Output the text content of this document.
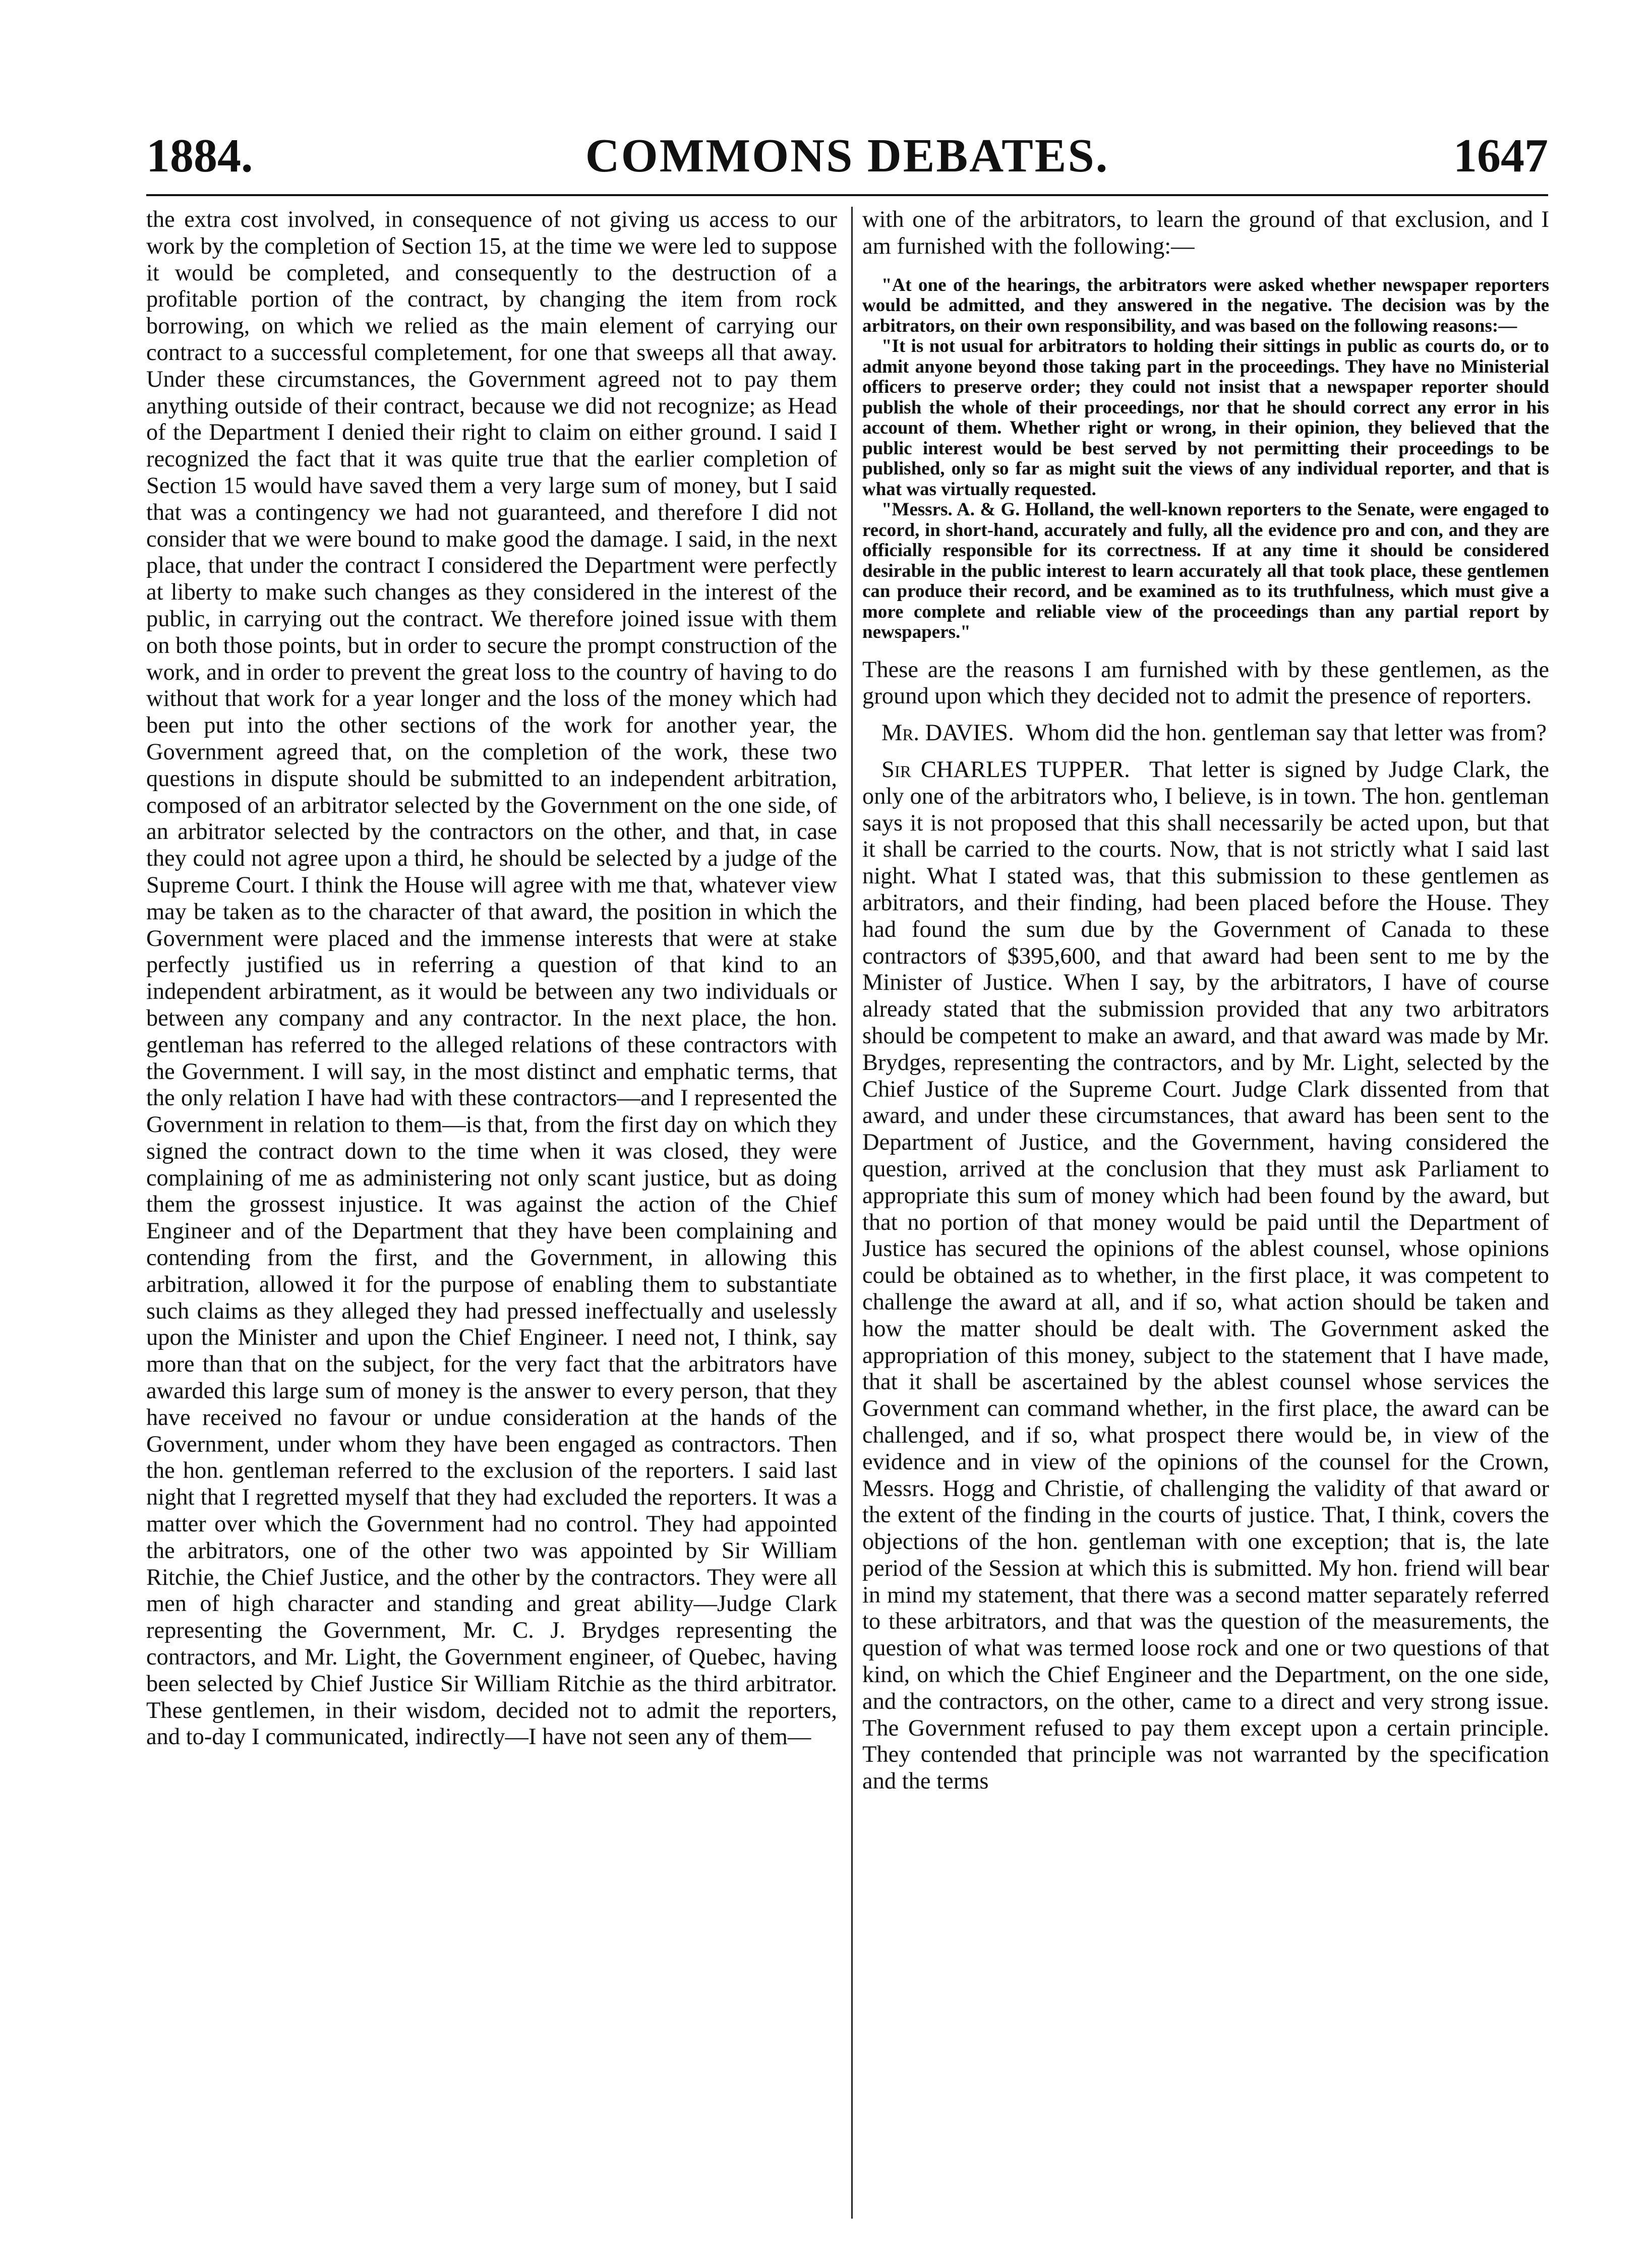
COMMONS DEBATES.
1884.	1647

the extra cost involved, in consequence of not giving us access to our work by the completion of Section 15, at the time we were led to suppose it would be completed, and consequently to the destruction of a profitable portion of the contract, by changing the item from rock borrowing, on which we relied as the main element of carrying our contract to a successful completement, for one that sweeps all that away. Under these circumstances, the Government agreed not to pay them anything outside of their contract, because we did not recognize; as Head of the Department I denied their right to claim on either ground. I said I recognized the fact that it was quite true that the earlier completion of Section 15 would have saved them a very large sum of money, but I said that was a contingency we had not guaranteed, and therefore I did not consider that we were bound to make good the damage. I said, in the next place, that under the contract I considered the Department were perfectly at liberty to make such changes as they considered in the interest of the public, in carrying out the contract. We therefore joined issue with them on both those points, but in order to secure the prompt construction of the work, and in order to prevent the great loss to the country of having to do without that work for a year longer and the loss of the money which had been put into the other sections of the work for another year, the Government agreed that, on the completion of the work, these two questions in dispute should be submitted to an independent arbitration, composed of an arbitrator selected by the Government on the one side, of an arbitrator selected by the contractors on the other, and that, in case they could not agree upon a third, he should be selected by a judge of the Supreme Court. I think the House will agree with me that, whatever view may be taken as to the character of that award, the position in which the Government were placed and the immense interests that were at stake perfectly justified us in referring a question of that kind to an independent arbiratment, as it would be between any two individuals or between any company and any contractor. In the next place, the hon. gentleman has referred to the alleged relations of these contractors with the Government. I will say, in the most distinct and emphatic terms, that the only relation I have had with these contractors—and I represented the Government in relation to them—is that, from the first day on which they signed the contract down to the time when it was closed, they were complaining of me as administering not only scant justice, but as doing them the grossest injustice. It was against the action of the Chief Engineer and of the Department that they have been complaining and contending from the first, and the Government, in allowing this arbitration, allowed it for the purpose of enabling them to substantiate such claims as they alleged they had pressed ineffectually and uselessly upon the Minister and upon the Chief Engineer. I need not, I think, say more than that on the subject, for the very fact that the arbitrators have awarded this large sum of money is the answer to every person, that they have received no favour or undue consideration at the hands of the Government, under whom they have been engaged as contractors. Then the hon. gentleman referred to the exclusion of the reporters. I said last night that I regretted myself that they had excluded the reporters. It was a matter over which the Government had no control. They had appointed the arbitrators, one of the other two was appointed by Sir William Ritchie, the Chief Justice, and the other by the contractors. They were all men of high character and standing and great ability—Judge Clark representing the Government, Mr. C. J. Brydges representing the contractors, and Mr. Light, the Government engineer, of Quebec, having been selected by Chief Justice Sir William Ritchie as the third arbitrator. These gentlemen, in their wisdom, decided not to admit the reporters, and to-day I communicated, indirectly—I have not seen any of them—

with one of the arbitrators, to learn the ground of that exclusion, and I am furnished with the following:—

"At one of the hearings, the arbitrators were asked whether newspaper reporters would be admitted, and they answered in the negative. The decision was by the arbitrators, on their own responsibility, and was based on the following reasons:—

"It is not usual for arbitrators to holding their sittings in public as courts do, or to admit anyone beyond those taking part in the proceedings. They have no Ministerial officers to preserve order; they could not insist that a newspaper reporter should publish the whole of their proceedings, nor that he should correct any error in his account of them. Whether right or wrong, in their opinion, they believed that the public interest would be best served by not permitting their proceedings to be published, only so far as might suit the views of any individual reporter, and that is what was virtually requested.

"Messrs. A. & G. Holland, the well-known reporters to the Senate, were engaged to record, in short-hand, accurately and fully, all the evidence pro and con, and they are officially responsible for its correctness. If at any time it should be considered desirable in the public interest to learn accurately all that took place, these gentlemen can produce their record, and be examined as to its truthfulness, which must give a more complete and reliable view of the proceedings than any partial report by newspapers."

These are the reasons I am furnished with by these gentlemen, as the ground upon which they decided not to admit the presence of reporters.

Mr. DAVIES. Whom did the hon. gentleman say that letter was from?

Sir CHARLES TUPPER. That letter is signed by Judge Clark, the only one of the arbitrators who, I believe, is in town. The hon. gentleman says it is not proposed that this shall necessarily be acted upon, but that it shall be carried to the courts. Now, that is not strictly what I said last night. What I stated was, that this submission to these gentlemen as arbitrators, and their finding, had been placed before the House. They had found the sum due by the Government of Canada to these contractors of $395,600, and that award had been sent to me by the Minister of Justice. When I say, by the arbitrators, I have of course already stated that the submission provided that any two arbitrators should be competent to make an award, and that award was made by Mr. Brydges, representing the contractors, and by Mr. Light, selected by the Chief Justice of the Supreme Court. Judge Clark dissented from that award, and under these circumstances, that award has been sent to the Department of Justice, and the Government, having considered the question, arrived at the conclusion that they must ask Parliament to appropriate this sum of money which had been found by the award, but that no portion of that money would be paid until the Department of Justice has secured the opinions of the ablest counsel, whose opinions could be obtained as to whether, in the first place, it was competent to challenge the award at all, and if so, what action should be taken and how the matter should be dealt with. The Government asked the appropriation of this money, subject to the statement that I have made, that it shall be ascertained by the ablest counsel whose services the Government can command whether, in the first place, the award can be challenged, and if so, what prospect there would be, in view of the evidence and in view of the opinions of the counsel for the Crown, Messrs. Hogg and Christie, of challenging the validity of that award or the extent of the finding in the courts of justice. That, I think, covers the objections of the hon. gentleman with one exception; that is, the late period of the Session at which this is submitted. My hon. friend will bear in mind my statement, that there was a second matter separately referred to these arbitrators, and that was the question of the measurements, the question of what was termed loose rock and one or two questions of that kind, on which the Chief Engineer and the Department, on the one side, and the contractors, on the other, came to a direct and very strong issue. The Government refused to pay them except upon a certain principle. They contended that principle was not warranted by the specification and the terms
